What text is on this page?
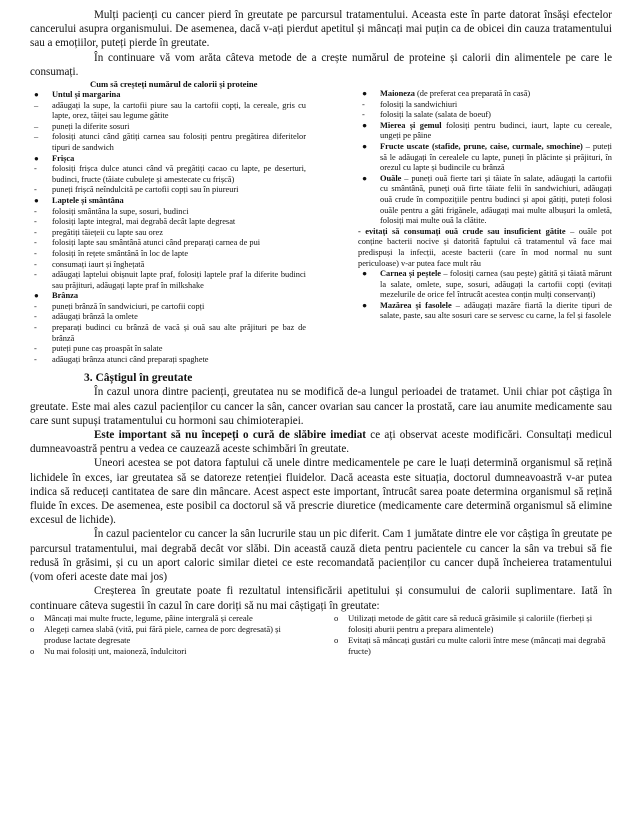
Mulți pacienți cu cancer pierd în greutate pe parcursul tratamentului. Aceasta este în parte datorat însăși efectelor cancerului asupra organismului. De asemenea, dacă v-ați pierdut apetitul și mâncați mai puțin ca de obicei din cauza tratamentului sau a emoțiilor, puteți pierde în greutate.

În continuare vă vom arăta câteva metode de a crește numărul de proteine și calorii din alimentele pe care le consumați.

Cum să creșteți numărul de calorii și proteine
●	Untul și margarina
–	adăugați la supe, la cartofii piure sau la cartofii copți, la cereale, gris cu lapte, orez, tăiței sau legume gătite
–	puneți la diferite sosuri
–	folosiți atunci când gătiți carnea sau folosiți pentru pregătirea diferitelor tipuri de sandwich
●	Frișca
-	folosiți frișca dulce atunci când vă pregătiți cacao cu lapte, pe deserturi, budinci, fructe (tăiate cubulețe și amestecate cu frișcă)
-	puneți frișcă neîndulcită pe cartofii copți sau în piureuri
●	Laptele și smântâna
-	folosiți smântâna la supe, sosuri, budinci
-	folosiți lapte integral, mai degrabă decât lapte degresat
-	pregătiți tăiețeii cu lapte sau orez
-	folosiți lapte sau smântână atunci când preparați carnea de pui
-	folosiți în rețete smântână în loc de lapte
-	consumați iaurt și înghețată
-	adăugați laptelui obișnuit lapte praf, folosiți laptele praf la diferite budinci sau prăjituri, adăugați lapte praf în milkshake
●	Brânza
-	puneți brânză în sandwiciuri, pe cartofii copți
-	adăugați brânză la omlete
-	preparați budinci cu brânză de vacă și ouă sau alte prăjituri pe baz de brânză
-	puteți pune caș proaspăt în salate
-	adăugați brânza atunci când preparați spaghete
●	Maioneza (de preferat cea preparată în casă)
-	folosiți la sandwichiuri
-	folosiți la salate (salata de boeuf)
●	Mierea și gemul folosiți pentru budinci, iaurt, lapte cu cereale, ungeți pe pâine
●	Fructe uscate (stafide, prune, caise, curmale, smochine) – puteți să le adăugați în cerealele cu lapte, puneți în plăcinte și prăjituri, în orezul cu lapte și budincile cu brânză
●	Ouăle – puneți ouă fierte tari și tăiate în salate, adăugați la cartofii cu smântână, puneți ouă firte tăiate felii în sandwichiuri, adăugați ouă crude în compozițiile pentru budinci și apoi gătiți, puteți folosi ouăle pentru a găti frigănele, adăugați mai multe albușuri la omletă, folosiți mai multe ouă la clătite.
- evitați să consumați ouă crude sau insuficient gătite – ouăle pot conține bacterii nocive și datorită faptului că tratamentul vă face mai predispuși la infecții, aceste bacterii (care în mod normal nu sunt periculoase) v-ar putea face mult rău
●	Carnea și peștele – folosiți carnea (sau pește) gătită și tăiată mărunt la salate, omlete, supe, sosuri, adăugați la cartofii copți (evitați mezelurile de orice fel întrucât acestea conțin mulți conservanți)
●	Mazărea și fasolele – adăugați mazăre fiartă la dierite tipuri de salate, paste, sau alte sosuri care se servesc cu carne, la fel și fasolele
3. Câștigul în greutate

În cazul unora dintre pacienți, greutatea nu se modifică de-a lungul perioadei de tratamet. Unii chiar pot câștiga în greutate. Este mai ales cazul pacienților cu cancer la sân, cancer ovarian sau cancer la prostată, care iau anumite medicamente sau care sunt supuși tratamentului cu hormoni sau chimioterapiei.

Este important să nu începeți o cură de slăbire imediat ce ați observat aceste modificări. Consultați medicul dumneavoastră pentru a vedea ce cauzează aceste schimbări în greutate.

Uneori acestea se pot datora faptului că unele dintre medicamentele pe care le luați determină organismul să rețină lichidele în exces, iar greutatea să se datoreze retenției fluidelor. Dacă aceasta este situația, doctorul dumneavoastră v-ar putea indica să reduceți cantitatea de sare din mâncare. Acest aspect este important, întrucât sarea poate determina organismul să rețină fluide în exces. De asemenea, este posibil ca doctorul să vă prescrie diuretice (medicamente care determină organismul să elimine excesul de lichide).

În cazul pacientelor cu cancer la sân lucrurile stau un pic diferit. Cam 1 jumătate dintre ele vor câștiga în greutate pe parcursul tratamentului, mai degrabă decât vor slăbi. Din această cauză dieta pentru pacientele cu cancer la sân va trebui să fie redusă în grăsimi, și cu un aport caloric similar dietei ce este recomandată pacienților cu cancer după încheierea tratamentului (vom oferi aceste date mai jos)

Creșterea în greutate poate fi rezultatul intensificării apetitului și consumului de calorii suplimentare. Iată în continuare câteva sugestii în cazul în care doriți să nu mai câștigați în greutate:

o Mâncați mai multe fructe, legume, pâine intergrală și cereale
o Alegeți carnea slabă (vită, pui fără piele, carnea de porc degresată) și produse lactate degresate
o Nu mai folosiți unt, maioneză, îndulcitori
o Utilizați metode de gătit care să reducă grăsimile și caloriile (fierbeți și folosiți aburii pentru a prepara alimentele)
o Evitați să mâncați gustări cu multe calorii între mese (mâncați mai degrabă fructe)
